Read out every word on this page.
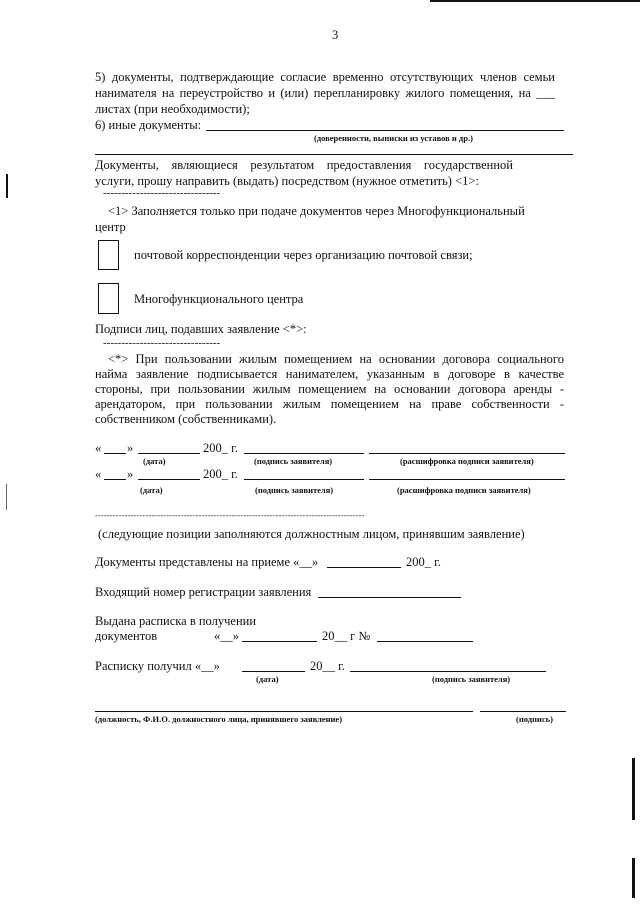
3
5) документы, подтверждающие согласие временно отсутствующих членов семьи
нанимателя на переустройство и (или) перепланировку жилого помещения, на ___
листах (при необходимости);
6) иные документы:
(доверенности, выписки из уставов и др.)
Документы, являющиеся результатом предоставления государственной
услуги, прошу направить (выдать) посредством (нужное отметить) <1>:
--------------------------------
<1> Заполняется только при подаче документов через Многофункциональный
центр
почтовой корреспонденции через организацию почтовой связи;
Многофункционального центра
Подписи лиц, подавших заявление <*>:
--------------------------------
<*> При пользовании жилым помещением на основании договора социального
найма заявление подписывается нанимателем, указанным в договоре в качестве
стороны, при пользовании жилым помещением на основании договора аренды -
арендатором, при пользовании жилым помещением на праве собственности -
собственником (собственниками).
« »	200_ г.
(дата)	(подпись заявителя)	(расшифровка подписи заявителя)
« »	200_ г.
(дата)	(подпись заявителя)	(расшифровка подписи заявителя)
-------------------------------------------------------------------------------------------
(следующие позиции заполняются должностным лицом, принявшим заявление)
Документы представлены на приеме «__»	200_ г.
Входящий номер регистрации заявления
Выдана расписка в получении
документов	«__»	20__ г №
Расписку получил «__»	20__ г.
(дата)	(подпись заявителя)
(должность, Ф.И.О. должностного лица, принявшего заявление)	(подпись)
